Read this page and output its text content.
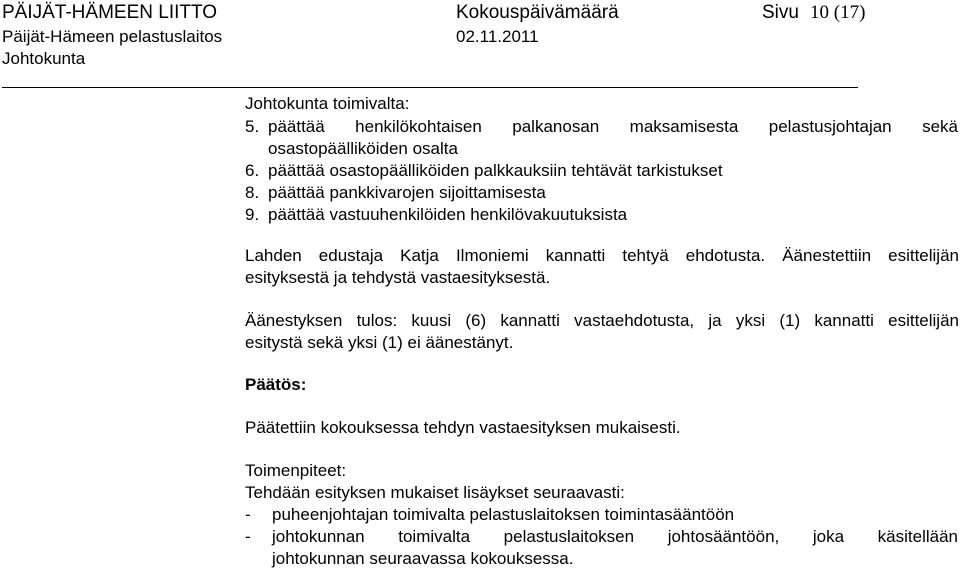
PÄIJÄT-HÄMEEN LIITTO	Kokouspäivämäärä	Sivu 10 (17)
Päijät-Hämeen pelastuslaitos	02.11.2011
Johtokunta
Johtokunta toimivalta:
5. päättää henkilökohtaisen palkanosan maksamisesta pelastusjohtajan sekä
osastopäälliköiden osalta
6. päättää osastopäälliköiden palkkauksiin tehtävät tarkistukset
8. päättää pankkivarojen sijoittamisesta
9. päättää vastuuhenkilöiden henkilövakuutuksista
Lahden edustaja Katja Ilmoniemi kannatti tehtyä ehdotusta. Äänestettiin esittelijän
esityksestä ja tehdystä vastaesityksestä.
Äänestyksen tulos: kuusi (6) kannatti vastaehdotusta, ja yksi (1) kannatti esittelijän
esitystä sekä yksi (1) ei äänestänyt.
Päätös:
Päätettiin kokouksessa tehdyn vastaesityksen mukaisesti.
Toimenpiteet:
Tehdään esityksen mukaiset lisäykset seuraavasti:
- puheenjohtajan toimivalta pelastuslaitoksen toimintasääntöön
- johtokunnan toimivalta pelastuslaitoksen johtosääntöön, joka käsitellään
johtokunnan seuraavassa kokouksessa.
